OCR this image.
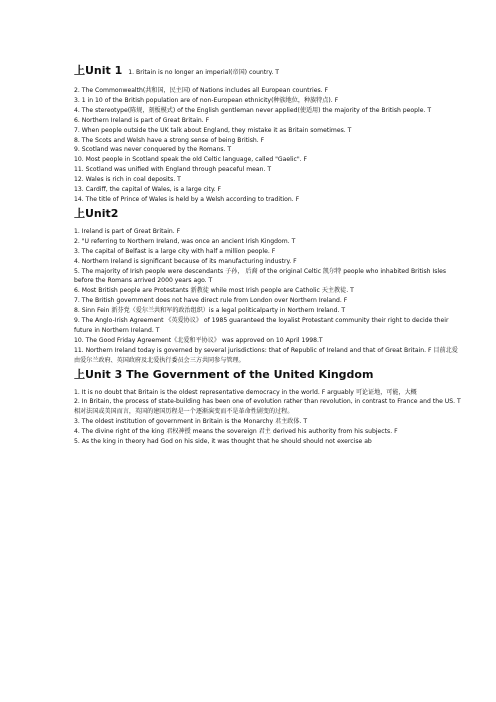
上Unit 1 1. Britain is no longer an imperial(帝国) country. T
2. The Commonwealth(共和国，民主国) of Nations includes all European countries. F
3. 1 in 10 of the British population are of non-European ethnicity(种族地位，种族特点). F
4. The stereotype(陈规，刻板模式) of the English gentleman never applied(使适用) the majority of the British people. T
6. Northern Ireland is part of Great Britain. F
7. When people outside the UK talk about England, they mistake it as Britain sometimes. T
8. The Scots and Welsh have a strong sense of being British. F
9. Scotland was never conquered by the Romans. T
10. Most people in Scotland speak the old Celtic language, called "Gaelic". F
11. Scotland was unified with England through peaceful mean. T
12. Wales is rich in coal deposits. T
13. Cardiff, the capital of Wales, is a large city. F
14. The title of Prince of Wales is held by a Welsh according to tradition. F
上Unit2
1. Ireland is part of Great Britain. F
2. "U referring to Northern Ireland, was once an ancient Irish Kingdom. T
3. The capital of Belfast is a large city with half a million people. F
4. Northern Ireland is significant because of its manufacturing industry. F
5. The majority of Irish people were descendants 子孙， 后裔 of the original Celtic 凯尔特 people who inhabited British Isles before the Romans arrived 2000 years ago. T
6. Most British people are Protestants 新教徒 while most Irish people are Catholic 天主教徒. T
7. The British government does not have direct rule from London over Northern Ireland. F
8. Sinn Fein 新芬党（爱尔兰共和军的政治组织）is a legal politicalparty in Northern Ireland. T
9. The Anglo-Irish Agreement 《英爱协议》 of 1985 guaranteed the loyalist Protestant community their right to decide their future in Northern Ireland. T
10. The Good Friday Agreement《北爱和平协议》 was approved on 10 April 1998.T
11. Northern Ireland today is governed by several jurisdictions: that of Republic of Ireland and that of Great Britain. F 目前北爱由爱尔兰政府、英国政府及北爱执行委员会三方共同参与管理。
上Unit 3 The Government of the United Kingdom
1. It is no doubt that Britain is the oldest representative democracy in the world. F arguably 可论证地，可能，大概
2. In Britain, the process of state-building has been one of evolution rather than revolution, in contrast to France and the US. T 相对法国或美国而言，英国的建国历程是一个逐渐演变而不是革命性剧变的过程。
3. The oldest institution of government in Britain is the Monarchy 君主政体. T
4. The divine right of the king 君权神授 means the sovereign 君主 derived his authority from his subjects. F
5. As the king in theory had God on his side, it was thought that he should should not exercise ab
